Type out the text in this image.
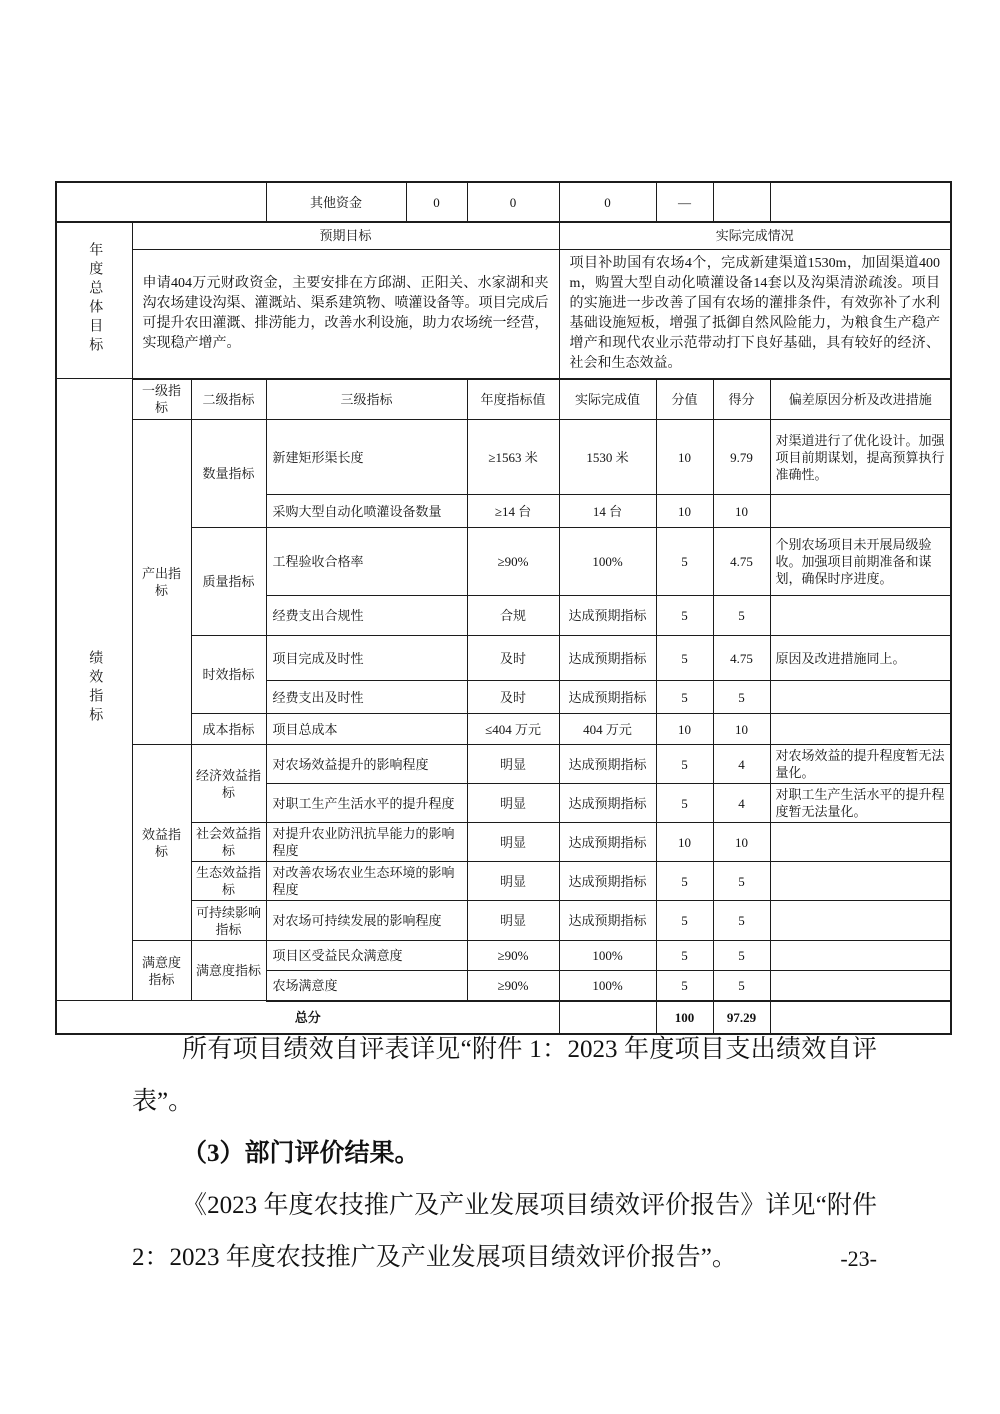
			其他资金	0	0	0	—		
年度总体目标	预期目标					实际完成情况			
	申请404万元财政资金，主要安排在方邱湖、正阳关、水家湖和夹沟农场建设沟渠、灌溉站、渠系建筑物、喷灌设备等。项目完成后可提升农田灌溉、排涝能力，改善水利设施，助力农场统一经营，实现稳产增产。					项目补助国有农场4个，完成新建渠道1530m，加固渠道400m，购置大型自动化喷灌设备14套以及沟渠清淤疏浚。项目的实施进一步改善了国有农场的灌排条件，有效弥补了水利基础设施短板，增强了抵御自然风险能力，为粮食生产稳产增产和现代农业示范带动打下良好基础，具有较好的经济、社会和生态效益。			
绩效指标	一级指标	二级指标	三级指标		年度指标值	实际完成值	分值	得分	偏差原因分析及改进措施
	产出指标	数量指标	新建矩形渠长度		≥1563 米	1530 米	10	9.79	对渠道进行了优化设计。加强项目前期谋划，提高预算执行准确性。
			采购大型自动化喷灌设备数量		≥14 台	14 台	10	10	
		质量指标	工程验收合格率		≥90%	100%	5	4.75	个别农场项目未开展局级验收。加强项目前期准备和谋划，确保时序进度。
			经费支出合规性		合规	达成预期指标	5	5	
		时效指标	项目完成及时性		及时	达成预期指标	5	4.75	原因及改进措施同上。
			经费支出及时性		及时	达成预期指标	5	5	
		成本指标	项目总成本		≤404 万元	404 万元	10	10	
	效益指标	经济效益指标	对农场效益提升的影响程度		明显	达成预期指标	5	4	对农场效益的提升程度暂无法量化。
			对职工生产生活水平的提升程度		明显	达成预期指标	5	4	对职工生产生活水平的提升程度暂无法量化。
		社会效益指标	对提升农业防汛抗旱能力的影响程度		明显	达成预期指标	10	10	
		生态效益指标	对改善农场农业生态环境的影响程度		明显	达成预期指标	5	5	
		可持续影响指标	对农场可持续发展的影响程度		明显	达成预期指标	5	5	
	满意度指标	满意度指标	项目区受益民众满意度		≥90%	100%	5	5	
			农场满意度		≥90%	100%	5	5	
总分							100	97.29	

所有项目绩效自评表详见“附件 1：2023 年度项目支出绩效自评表”。

（3）部门评价结果。

《2023 年度农技推广及产业发展项目绩效评价报告》详见“附件 2：2023 年度农技推广及产业发展项目绩效评价报告”。	-23-
